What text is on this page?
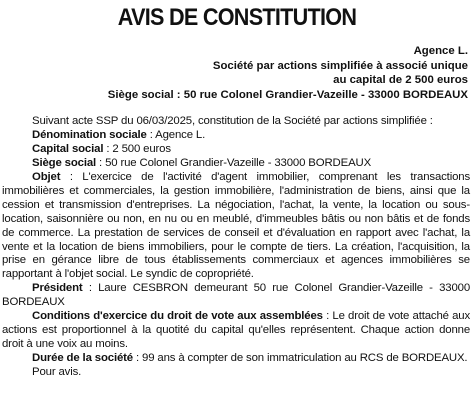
AVIS DE CONSTITUTION
Agence L.
Société par actions simplifiée à associé unique
au capital de 2 500 euros
Siège social : 50 rue Colonel Grandier-Vazeille - 33000 BORDEAUX

Suivant acte SSP du 06/03/2025, constitution de la Société par actions simplifiée :

Dénomination sociale : Agence L.

Capital social : 2 500 euros

Siège social : 50 rue Colonel Grandier-Vazeille - 33000 BORDEAUX

Objet : L'exercice de l'activité d'agent immobilier, comprenant les transactions immobilières et commerciales, la gestion immobilière, l'administration de biens, ainsi que la cession et transmission d'entreprises. La négociation, l'achat, la vente, la location ou sous-location, saisonnière ou non, en nu ou en meublé, d'immeubles bâtis ou non bâtis et de fonds de commerce. La prestation de services de conseil et d'évaluation en rapport avec l'achat, la vente et la location de biens immobiliers, pour le compte de tiers. La création, l'acquisition, la prise en gérance libre de tous établissements commerciaux et agences immobilières se rapportant à l'objet social. Le syndic de copropriété.

Président : Laure CESBRON demeurant 50 rue Colonel Grandier-Vazeille - 33000 BORDEAUX

Conditions d'exercice du droit de vote aux assemblées : Le droit de vote attaché aux actions est proportionnel à la quotité du capital qu'elles représentent. Chaque action donne droit à une voix au moins.

Durée de la société : 99 ans à compter de son immatriculation au RCS de BORDEAUX.

Pour avis.
